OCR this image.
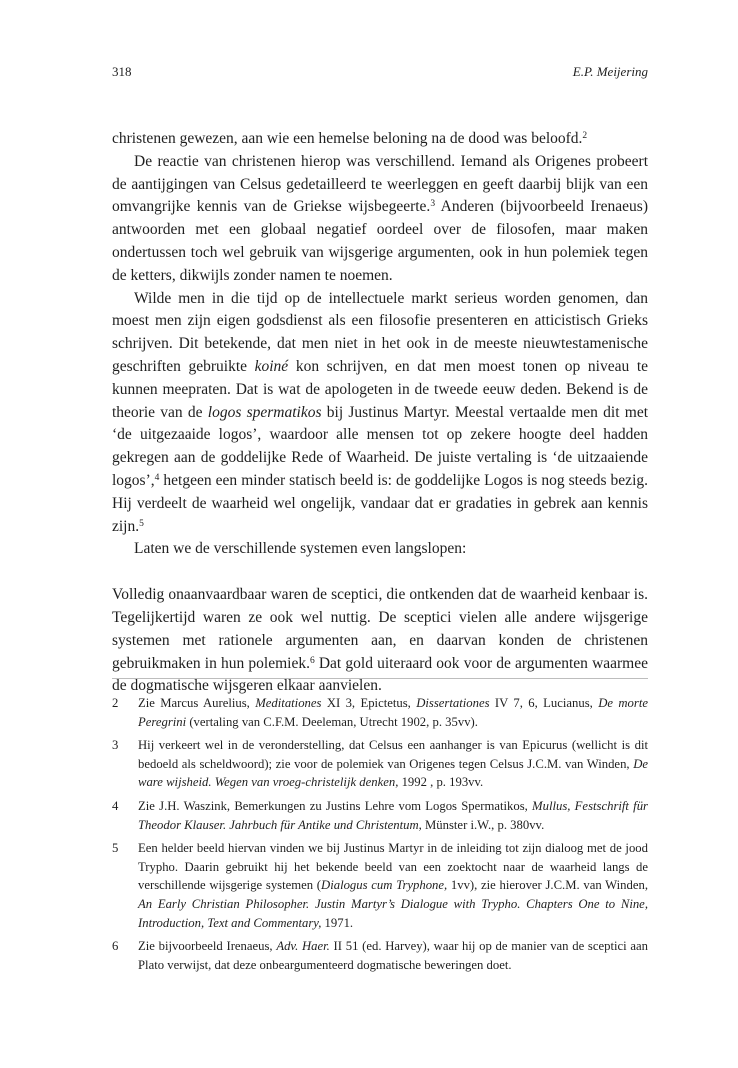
318	E.P. Meijering

christenen gewezen, aan wie een hemelse beloning na de dood was beloofd.$^2$

De reactie van christenen hierop was verschillend. Iemand als Origenes probeert de aantijgingen van Celsus gedetailleerd te weerleggen en geeft daarbij blijk van een omvangrijke kennis van de Griekse wijsbegeerte.$^3$ Anderen (bijvoorbeeld Irenaeus) antwoorden met een globaal negatief oordeel over de filosofen, maar maken ondertussen toch wel gebruik van wijsgerige argumenten, ook in hun polemiek tegen de ketters, dikwijls zonder namen te noemen.

Wilde men in die tijd op de intellectuele markt serieus worden genomen, dan moest men zijn eigen godsdienst als een filosofie presenteren en atticistisch Grieks schrijven. Dit betekende, dat men niet in het ook in de meeste nieuwtestamenische geschriften gebruikte koiné kon schrijven, en dat men moest tonen op niveau te kunnen meepraten. Dat is wat de apologeten in de tweede eeuw deden. Bekend is de theorie van de logos spermatikos bij Justinus Martyr. Meestal vertaalde men dit met ‘de uitgezaaide logos’, waardoor alle mensen tot op zekere hoogte deel hadden gekregen aan de goddelijke Rede of Waarheid. De juiste vertaling is ‘de uitzaaiende logos’,$^4$ hetgeen een minder statisch beeld is: de goddelijke Logos is nog steeds bezig. Hij verdeelt de waarheid wel ongelijk, vandaar dat er gradaties in gebrek aan kennis zijn.$^5$

Laten we de verschillende systemen even langslopen:

Volledig onaanvaardbaar waren de sceptici, die ontkenden dat de waarheid kenbaar is. Tegelijkertijd waren ze ook wel nuttig. De sceptici vielen alle andere wijsgerige systemen met rationele argumenten aan, en daarvan konden de christenen gebruikmaken in hun polemiek.$^6$ Dat gold uiteraard ook voor de argumenten waarmee de dogmatische wijsgeren elkaar aanvielen.

2 Zie Marcus Aurelius, Meditationes XI 3, Epictetus, Dissertationes IV 7, 6, Lucianus, De morte Peregrini (vertaling van C.F.M. Deeleman, Utrecht 1902, p. 35vv).
3 Hij verkeert wel in de veronderstelling, dat Celsus een aanhanger is van Epicurus (wellicht is dit bedoeld als scheldwoord); zie voor de polemiek van Origenes tegen Celsus J.C.M. van Winden, De ware wijsheid. Wegen van vroeg-christelijk denken, 1992 , p. 193vv.
4 Zie J.H. Waszink, Bemerkungen zu Justins Lehre vom Logos Spermatikos, Mullus, Festschrift für Theodor Klauser. Jahrbuch für Antike und Christentum, Münster i.W., p. 380vv.
5 Een helder beeld hiervan vinden we bij Justinus Martyr in de inleiding tot zijn dialoog met de jood Trypho. Daarin gebruikt hij het bekende beeld van een zoektocht naar de waarheid langs de verschillende wijsgerige systemen (Dialogus cum Tryphone, 1vv), zie hierover J.C.M. van Winden, An Early Christian Philosopher. Justin Martyr’s Dialogue with Trypho. Chapters One to Nine, Introduction, Text and Commentary, 1971.
6 Zie bijvoorbeeld Irenaeus, Adv. Haer. II 51 (ed. Harvey), waar hij op de manier van de sceptici aan Plato verwijst, dat deze onbeargumenteerd dogmatische beweringen doet.
